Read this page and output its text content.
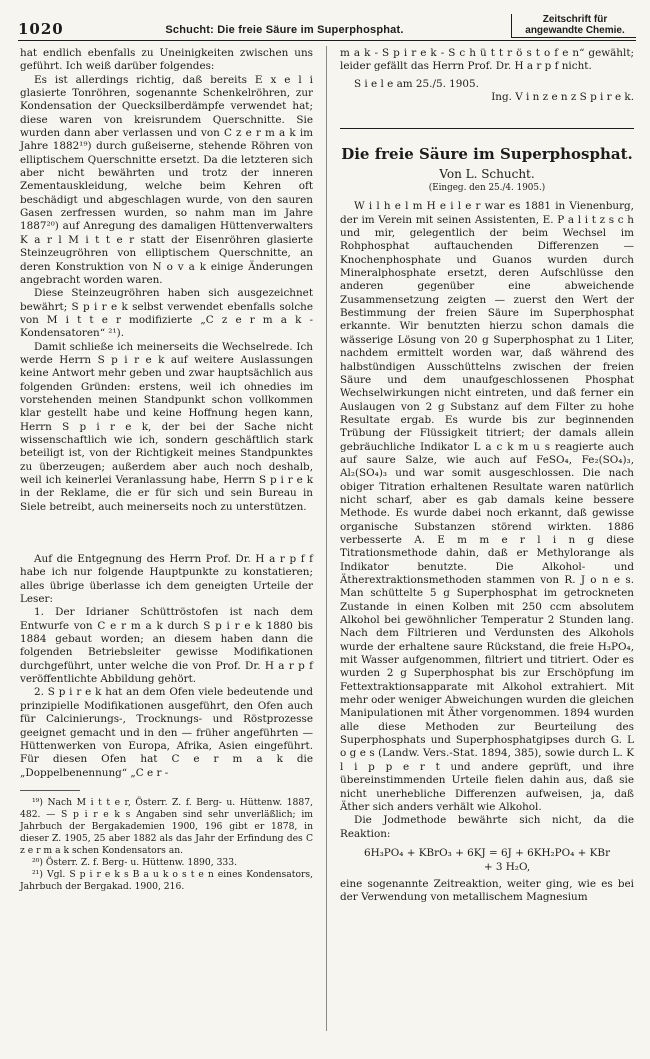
1020	Schucht: Die freie Säure im Superphosphat.
Zeitschrift für
angewandte Chemie.

hat endlich ebenfalls zu Uneinigkeiten zwischen uns geführt. Ich weiß darüber folgendes:

Es ist allerdings richtig, daß bereits E x e l i glasierte Tonröhren, sogenannte Schenkelröhren, zur Kondensation der Quecksilberdämpfe verwendet hat; diese waren von kreisrundem Querschnitte. Sie wurden dann aber verlassen und von C z e r m a k im Jahre 1882¹⁹) durch gußeiserne, stehende Röhren von elliptischem Querschnitte ersetzt. Da die letzteren sich aber nicht bewährten und trotz der inneren Zementauskleidung, welche beim Kehren oft beschädigt und abgeschlagen wurde, von den sauren Gasen zerfressen wurden, so nahm man im Jahre 1887²⁰) auf Anregung des damaligen Hüttenverwalters K a r l M i t t e r statt der Eisenröhren glasierte Steinzeugröhren von elliptischem Querschnitte, an deren Konstruktion von N o v a k einige Änderungen angebracht worden waren.

Diese Steinzeugröhren haben sich ausgezeichnet bewährt; S p i r e k selbst verwendet ebenfalls solche von M i t t e r modifizierte „C z e r m a k - Kondensatoren“ ²¹).

Damit schließe ich meinerseits die Wechselrede. Ich werde Herrn S p i r e k auf weitere Auslassungen keine Antwort mehr geben und zwar hauptsächlich aus folgenden Gründen: erstens, weil ich ohnedies im vorstehenden meinen Standpunkt schon vollkommen klar gestellt habe und keine Hoffnung hegen kann, Herrn S p i r e k, der bei der Sache nicht wissenschaftlich wie ich, sondern geschäftlich stark beteiligt ist, von der Richtigkeit meines Standpunktes zu überzeugen; außerdem aber auch noch deshalb, weil ich keinerlei Veranlassung habe, Herrn S p i r e k in der Reklame, die er für sich und sein Bureau in Siele betreibt, auch meinerseits noch zu unterstützen.

Auf die Entgegnung des Herrn Prof. Dr. H a r p f f habe ich nur folgende Hauptpunkte zu konstatieren; alles übrige überlasse ich dem geneigten Urteile der Leser:

1. Der Idrianer Schüttröstofen ist nach dem Entwurfe von C e r m a k durch S p i r e k 1880 bis 1884 gebaut worden; an diesem haben dann die folgenden Betriebsleiter gewisse Modifikationen durchgeführt, unter welche die von Prof. Dr. H a r p f veröffentlichte Abbildung gehört.

2. S p i r e k hat an dem Ofen viele bedeutende und prinzipielle Modifikationen ausgeführt, den Ofen auch für Calcinierungs-, Trocknungs- und Röstprozesse geeignet gemacht und in den — früher angeführten — Hüttenwerken von Europa, Afrika, Asien eingeführt. Für diesen Ofen hat C e r m a k die „Doppelbenennung“ „C e r -

¹⁹) Nach M i t t e r, Österr. Z. f. Berg- u. Hüttenw. 1887, 482. — S p i r e k s Angaben sind sehr unverläßlich; im Jahrbuch der Bergakademien 1900, 196 gibt er 1878, in dieser Z. 1905, 25 aber 1882 als das Jahr der Erfindung des C z e r m a k schen Kondensators an.

²⁰) Österr. Z. f. Berg- u. Hüttenw. 1890, 333.

²¹) Vgl. S p i r e k s B a u k o s t e n eines Kondensators, Jahrbuch der Bergakad. 1900, 216.

m a k - S p i r e k - S c h ü t t r ö s t o f e n“ gewählt; leider gefällt das Herrn Prof. Dr. H a r p f nicht.

S i e l e am 25./5. 1905.

Ing. V i n z e n z S p i r e k.

Die freie Säure im Superphosphat.
Von L. Schucht.
(Eingeg. den 25./4. 1905.)

W i l h e l m H e i l e r war es 1881 in Vienenburg, der im Verein mit seinen Assistenten, E. P a l i t z s c h und mir, gelegentlich der beim Wechsel im Rohphosphat auftauchenden Differenzen — Knochenphosphate und Guanos wurden durch Mineralphosphate ersetzt, deren Aufschlüsse den anderen gegenüber eine abweichende Zusammensetzung zeigten — zuerst den Wert der Bestimmung der freien Säure im Superphosphat erkannte. Wir benutzten hierzu schon damals die wässerige Lösung von 20 g Superphosphat zu 1 Liter, nachdem ermittelt worden war, daß während des halbstündigen Ausschüttelns zwischen der freien Säure und dem unaufgeschlossenen Phosphat Wechselwirkungen nicht eintreten, und daß ferner ein Auslaugen von 2 g Substanz auf dem Filter zu hohe Resultate ergab. Es wurde bis zur beginnenden Trübung der Flüssigkeit titriert; der damals allein gebräuchliche Indikator L a c k m u s reagierte auch auf saure Salze, wie auch auf FeSO₄, Fe₂(SO₄)₃, Al₂(SO₄)₃ und war somit ausgeschlossen. Die nach obiger Titration erhaltenen Resultate waren natürlich nicht scharf, aber es gab damals keine bessere Methode. Es wurde dabei noch erkannt, daß gewisse organische Substanzen störend wirkten. 1886 verbesserte A. E m m e r l i n g diese Titrationsmethode dahin, daß er Methylorange als Indikator benutzte. Die Alkohol- und Ätherextraktionsmethoden stammen von R. J o n e s. Man schüttelte 5 g Superphosphat im getrockneten Zustande in einen Kolben mit 250 ccm absolutem Alkohol bei gewöhnlicher Temperatur 2 Stunden lang. Nach dem Filtrieren und Verdunsten des Alkohols wurde der erhaltene saure Rückstand, die freie H₃PO₄, mit Wasser aufgenommen, filtriert und titriert. Oder es wurden 2 g Superphosphat bis zur Erschöpfung im Fettextraktionsapparate mit Alkohol extrahiert. Mit mehr oder weniger Abweichungen wurden die gleichen Manipulationen mit Äther vorgenommen. 1894 wurden alle diese Methoden zur Beurteilung des Superphosphats und Superphosphatgipses durch G. L o g e s (Landw. Vers.-Stat. 1894, 385), sowie durch L. K l i p p e r t und andere geprüft, und ihre übereinstimmenden Urteile fielen dahin aus, daß sie nicht unerhebliche Differenzen aufweisen, ja, daß Äther sich anders verhält wie Alkohol.

Die Jodmethode bewährte sich nicht, da die Reaktion:

6H₃PO₄ + KBrO₃ + 6KJ = 6J + 6KH₂PO₄ + KBr
+ 3 H₂O,

eine sogenannte Zeitreaktion, weiter ging, wie es bei der Verwendung von metallischem Magnesium
